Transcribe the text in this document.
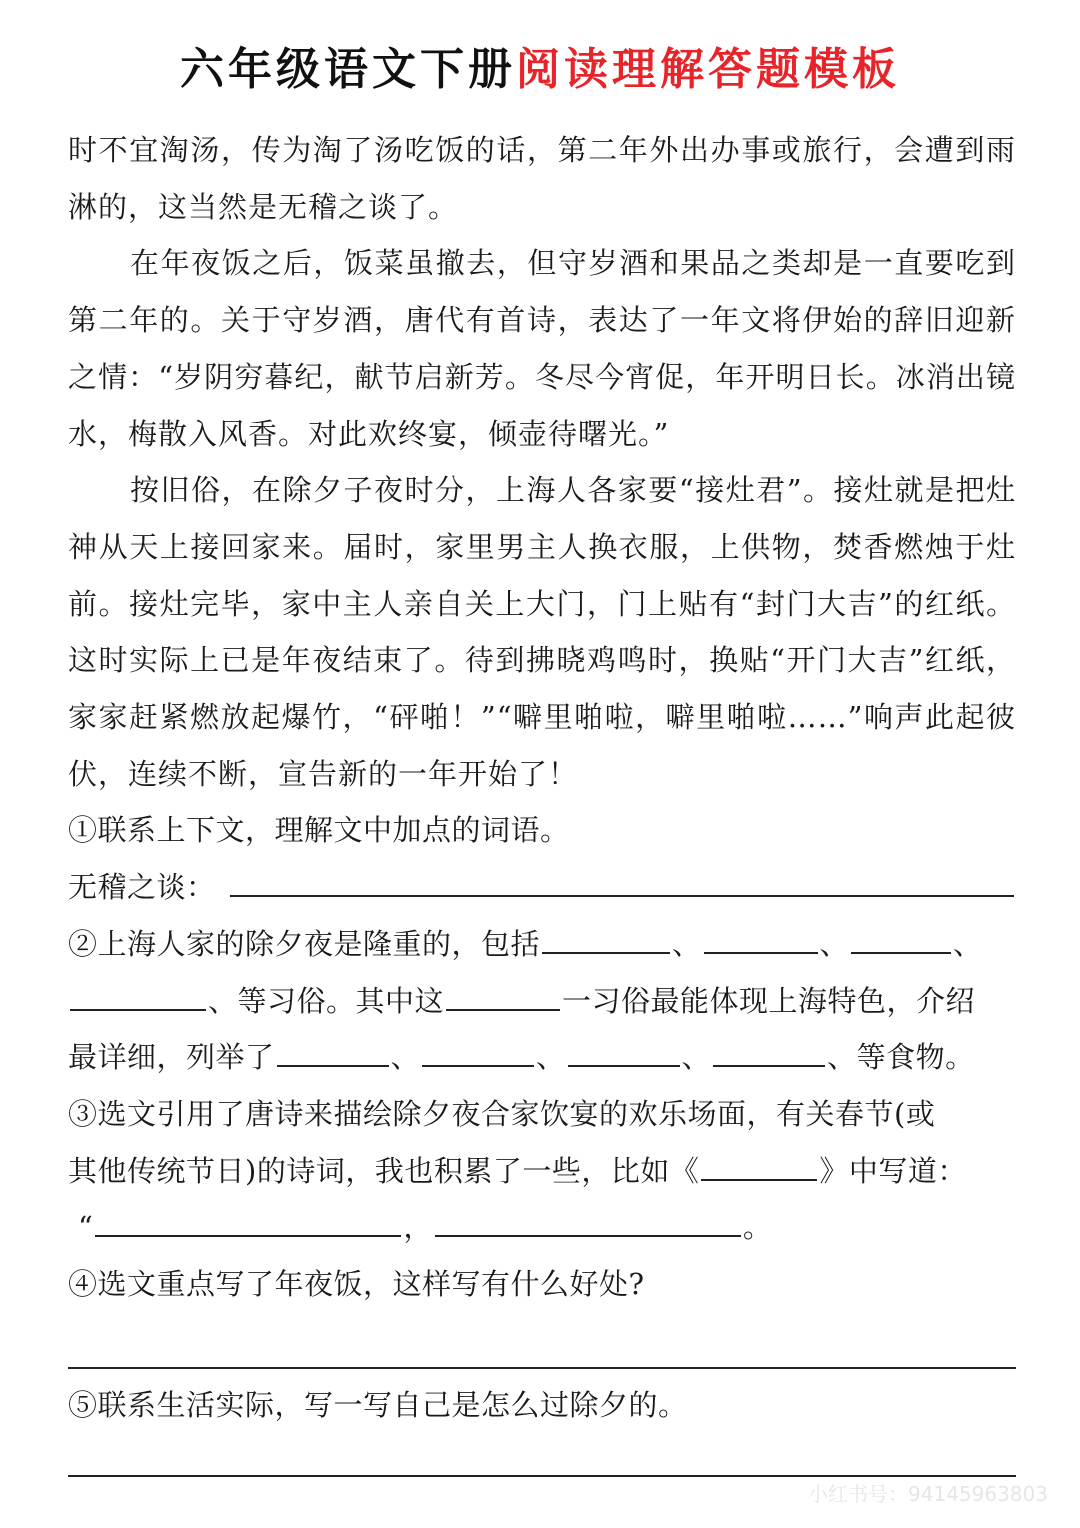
六年级语文下册阅读理解答题模板

时不宜淘汤，传为淘了汤吃饭的话，第二年外出办事或旅行，会遭到雨淋的，这当然是无稽之谈了。

在年夜饭之后，饭菜虽撤去，但守岁酒和果品之类却是一直要吃到第二年的。关于守岁酒，唐代有首诗，表达了一年文将伊始的辞旧迎新之情：“岁阴穷暮纪，献节启新芳。冬尽今宵促，年开明日长。冰消出镜水，梅散入风香。对此欢终宴，倾壶待曙光。”

按旧俗，在除夕子夜时分，上海人各家要“接灶君”。接灶就是把灶神从天上接回家来。届时，家里男主人换衣服，上供物，焚香燃烛于灶前。接灶完毕，家中主人亲自关上大门，门上贴有“封门大吉”的红纸。这时实际上已是年夜结束了。待到拂晓鸡鸣时，换贴“开门大吉”红纸，家家赶紧燃放起爆竹，“砰啪！”“噼里啪啦，噼里啪啦……”响声此起彼伏，连续不断，宣告新的一年开始了！

①联系上下文，理解文中加点的词语。

无稽之谈：

②上海人家的除夕夜是隆重的，包括	、	、	、
、等习俗。其中这	一习俗最能体现上海特色，介绍
最详细，列举了	、	、	、	、等食物。

③选文引用了唐诗来描绘除夕夜合家饮宴的欢乐场面，有关春节(或
其他传统节日)的诗词，我也积累了一些，比如《	》中写道：
“	，	。

④选文重点写了年夜饭，这样写有什么好处?

⑤联系生活实际，写一写自己是怎么过除夕的。

小红书号：94145963803
